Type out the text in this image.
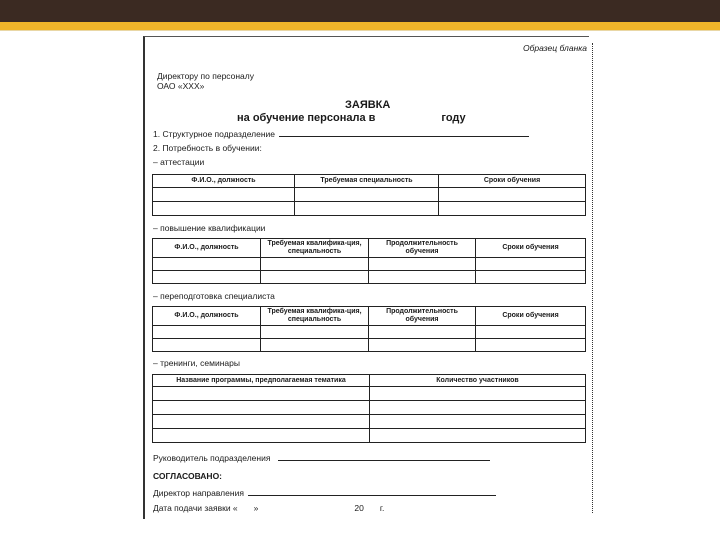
Образец бланка
Директору по персоналу
ОАО «XXX»
ЗАЯВКА
на обучение персонала в	году
1. Структурное подразделение
2. Потребность в обучении:
– аттестации
Ф.И.О., должность	Требуемая специальность	Сроки обучения

– повышение квалификации
Ф.И.О., должность	Требуемая квалифика-ция, специальность	Продолжительность обучения	Сроки обучения

– переподготовка специалиста
Ф.И.О., должность	Требуемая квалифика-ция, специальность	Продолжительность обучения	Сроки обучения

– тренинги, семинары
Название программы, предполагаемая тематика	Количество участников

Руководитель подразделения
СОГЛАСОВАНО:
Директор направления
Дата подачи заявки « »	20 г.
